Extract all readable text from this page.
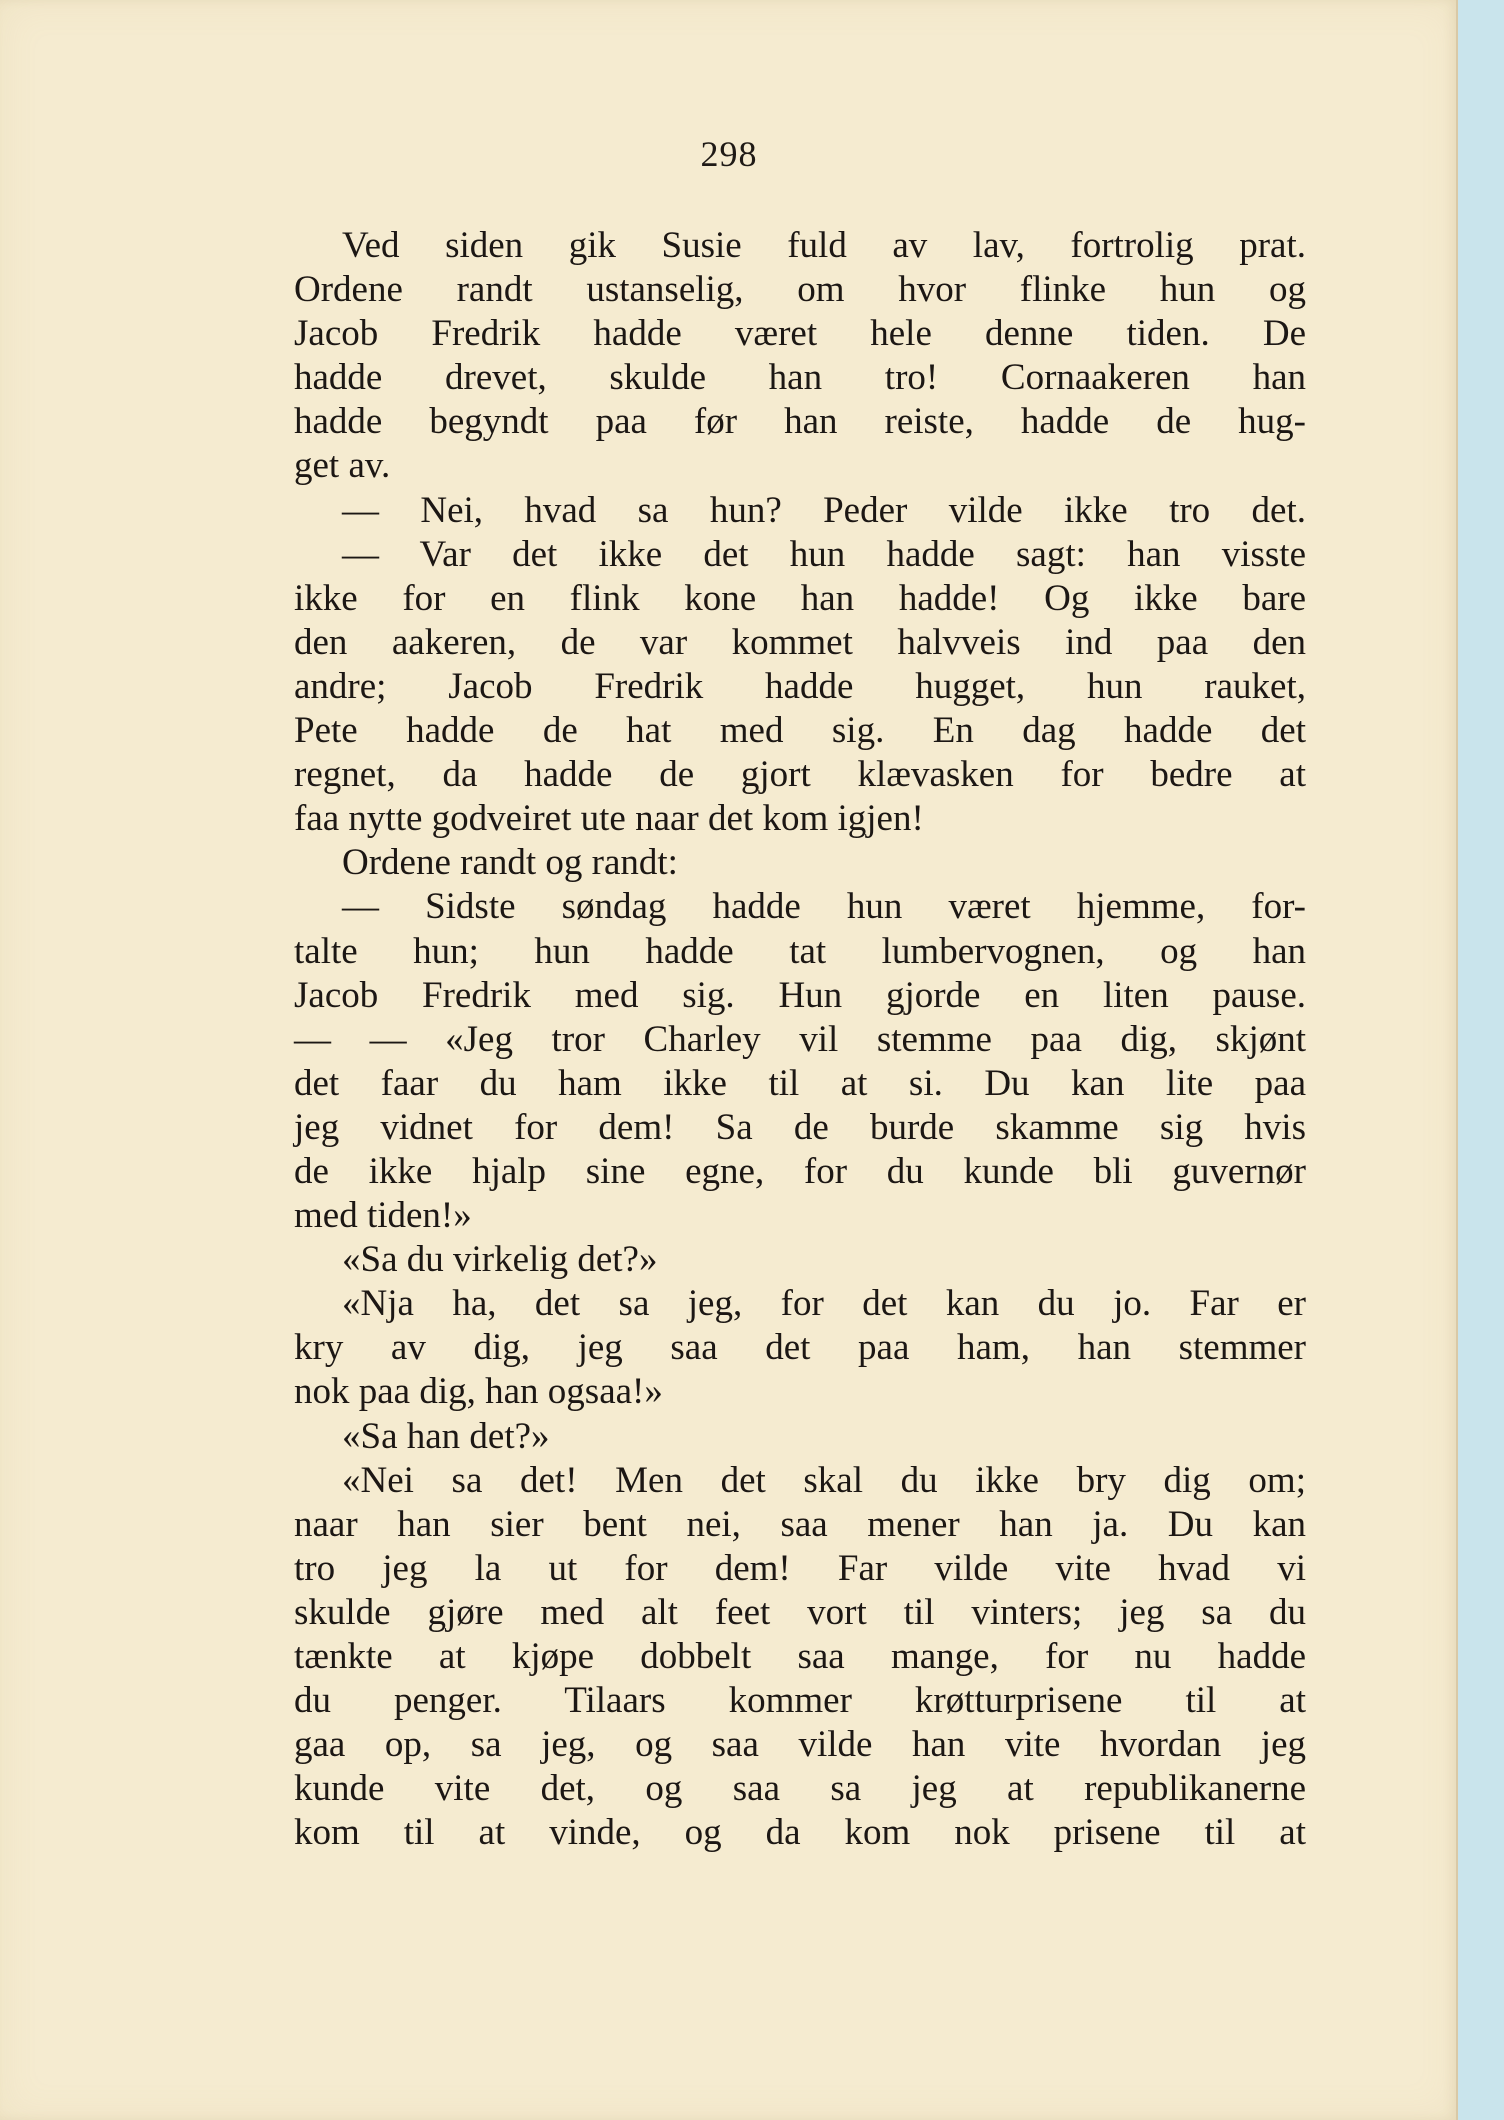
298
Ved siden gik Susie fuld av lav, fortrolig prat.
Ordene randt ustanselig, om hvor flinke hun og
Jacob Fredrik hadde været hele denne tiden. De
hadde drevet, skulde han tro! Cornaakeren han
hadde begyndt paa før han reiste, hadde de hug-
get av.
— Nei, hvad sa hun? Peder vilde ikke tro det.
— Var det ikke det hun hadde sagt: han visste
ikke for en flink kone han hadde! Og ikke bare
den aakeren, de var kommet halvveis ind paa den
andre; Jacob Fredrik hadde hugget, hun rauket,
Pete hadde de hat med sig. En dag hadde det
regnet, da hadde de gjort klævasken for bedre at
faa nytte godveiret ute naar det kom igjen!
Ordene randt og randt:
— Sidste søndag hadde hun været hjemme, for-
talte hun; hun hadde tat lumbervognen, og han
Jacob Fredrik med sig. Hun gjorde en liten pause.
— — «Jeg tror Charley vil stemme paa dig, skjønt
det faar du ham ikke til at si. Du kan lite paa
jeg vidnet for dem! Sa de burde skamme sig hvis
de ikke hjalp sine egne, for du kunde bli guvernør
med tiden!»
«Sa du virkelig det?»
«Nja ha, det sa jeg, for det kan du jo. Far er
kry av dig, jeg saa det paa ham, han stemmer
nok paa dig, han ogsaa!»
«Sa han det?»
«Nei sa det! Men det skal du ikke bry dig om;
naar han sier bent nei, saa mener han ja. Du kan
tro jeg la ut for dem! Far vilde vite hvad vi
skulde gjøre med alt feet vort til vinters; jeg sa du
tænkte at kjøpe dobbelt saa mange, for nu hadde
du penger. Tilaars kommer krøtturprisene til at
gaa op, sa jeg, og saa vilde han vite hvordan jeg
kunde vite det, og saa sa jeg at republikanerne
kom til at vinde, og da kom nok prisene til at
